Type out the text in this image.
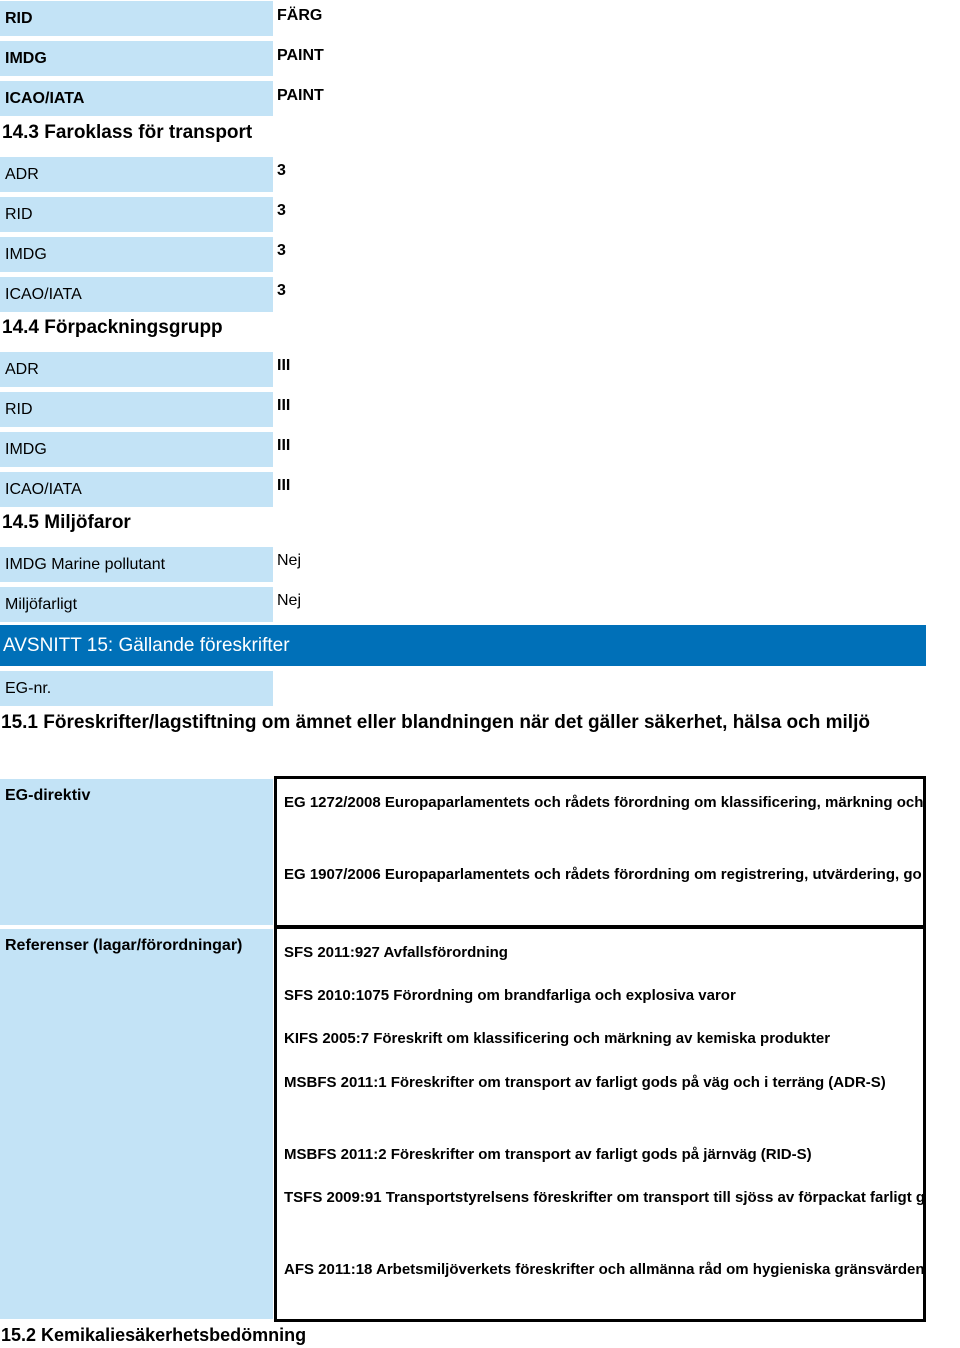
RID	FÄRG
IMDG	PAINT
ICAO/IATA	PAINT
14.3 Faroklass för transport
ADR	3
RID	3
IMDG	3
ICAO/IATA	3
14.4 Förpackningsgrupp
ADR	III
RID	III
IMDG	III
ICAO/IATA	III
14.5 Miljöfaror
IMDG Marine pollutant	Nej
Miljöfarligt	Nej
AVSNITT 15: Gällande föreskrifter
EG-nr.
15.1 Föreskrifter/lagstiftning om ämnet eller blandningen när det gäller säkerhet, hälsa och miljö
EG-direktiv	EG 1272/2008 Europaparlamentets och rådets förordning om klassificering, märkning och
EG 1907/2006 Europaparlamentets och rådets förordning om registrering, utvärdering, go
Referenser (lagar/förordningar)	SFS 2011:927 Avfallsförordning
SFS 2010:1075 Förordning om brandfarliga och explosiva varor
KIFS 2005:7 Föreskrift om klassificering och märkning av kemiska produkter
MSBFS 2011:1 Föreskrifter om transport av farligt gods på väg och i terräng (ADR-S)
MSBFS 2011:2 Föreskrifter om transport av farligt gods på järnväg (RID-S)
TSFS 2009:91 Transportstyrelsens föreskrifter om transport till sjöss av förpackat farligt g
AFS 2011:18 Arbetsmiljöverkets föreskrifter och allmänna råd om hygieniska gränsvärden
15.2 Kemikaliesäkerhetsbedömning
